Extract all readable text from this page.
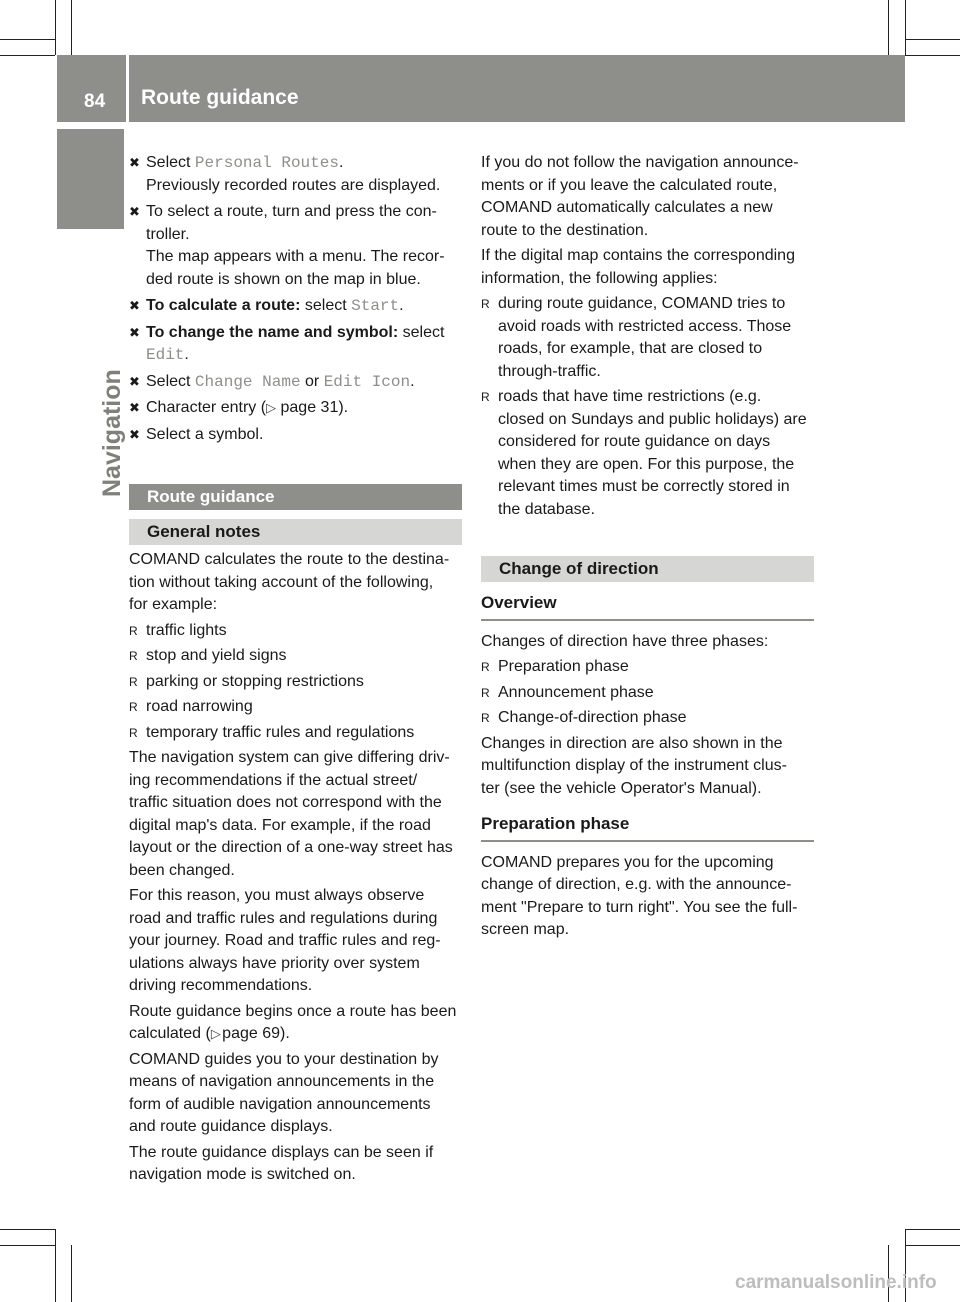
84 Route guidance
Navigation
✖ Select Personal Routes.
Previously recorded routes are displayed.
✖ To select a route, turn and press the con-
troller.
The map appears with a menu. The recor-
ded route is shown on the map in blue.
✖ To calculate a route: select Start.
✖ To change the name and symbol: select
Edit.
✖ Select Change Name or Edit Icon.
✖ Character entry (▷ page 31).
✖ Select a symbol.
Route guidance
General notes

COMAND calculates the route to the destina-
tion without taking account of the following,
for example:

R traffic lights
R stop and yield signs
R parking or stopping restrictions
R road narrowing
R temporary traffic rules and regulations

The navigation system can give differing driv-
ing recommendations if the actual street/
traffic situation does not correspond with the
digital map's data. For example, if the road
layout or the direction of a one-way street has
been changed.

For this reason, you must always observe
road and traffic rules and regulations during
your journey. Road and traffic rules and reg-
ulations always have priority over system
driving recommendations.

Route guidance begins once a route has been
calculated (▷ page 69).

COMAND guides you to your destination by
means of navigation announcements in the
form of audible navigation announcements
and route guidance displays.

The route guidance displays can be seen if
navigation mode is switched on.

If you do not follow the navigation announce-
ments or if you leave the calculated route,
COMAND automatically calculates a new
route to the destination.

If the digital map contains the corresponding
information, the following applies:

R during route guidance, COMAND tries to
avoid roads with restricted access. Those
roads, for example, that are closed to
through-traffic.
R roads that have time restrictions (e.g.
closed on Sundays and public holidays) are
considered for route guidance on days
when they are open. For this purpose, the
relevant times must be correctly stored in
the database.
Change of direction
Overview

Changes of direction have three phases:

R Preparation phase
R Announcement phase
R Change-of-direction phase

Changes in direction are also shown in the
multifunction display of the instrument clus-
ter (see the vehicle Operator's Manual).

Preparation phase

COMAND prepares you for the upcoming
change of direction, e.g. with the announce-
ment "Prepare to turn right". You see the full-
screen map.

carmanualsonline.info
